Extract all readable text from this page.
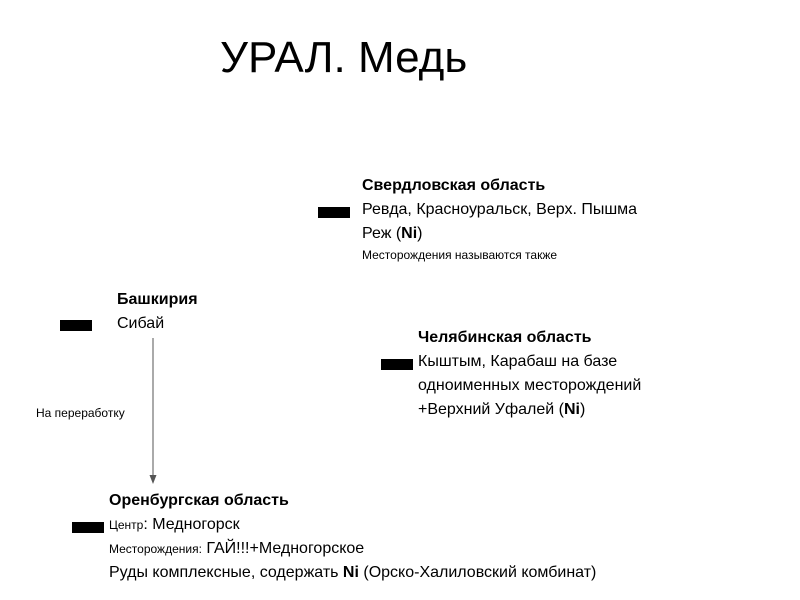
УРАЛ. Медь
Свердловская область
Ревда, Красноуральск, Верх. Пышма
Реж (Ni)
Месторождения называются также
Башкирия
Сибай
Челябинская область
Кыштым, Карабаш на базе
одноименных месторождений
+Верхний Уфалей (Ni)
На переработку
Оренбургская область
Центр: Медногорск
Месторождения: ГАЙ!!!+Медногорское
Руды комплексные, содержать Ni (Орско-Халиловский комбинат)
